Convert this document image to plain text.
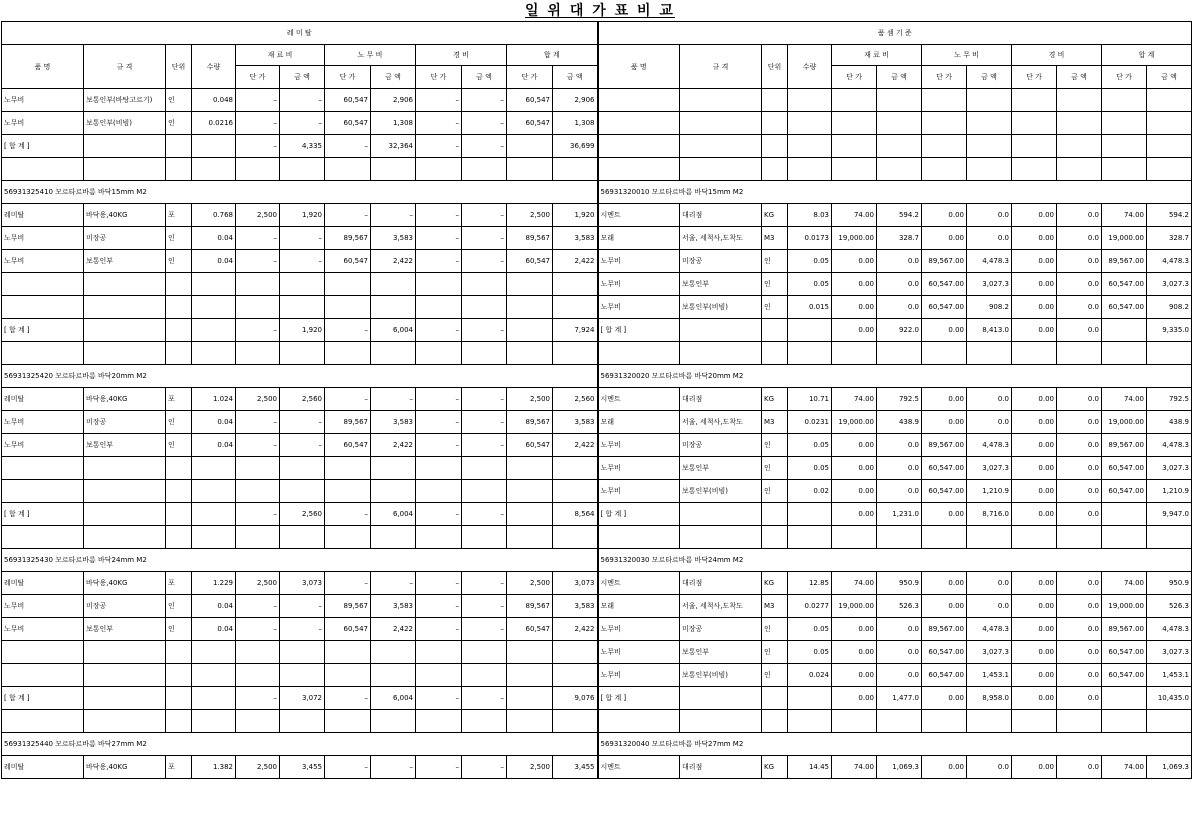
일 위 대 가 표 비 교
레 미 탈												품 셈 기 준											
품 명	규 격	단위	수량	재 료 비		노 무 비		경 비		합 계		품 명	규 격	단위	수량	재 료 비		노 무 비		경 비		합 계	
				단 가	금 액	단 가	금 액	단 가	금 액	단 가	금 액					단 가	금 액	단 가	금 액	단 가	금 액	단 가	금 액
노무비	보통인부(바탕고르기)	인	0.048	–	–	60,547	2,906	–	–	60,547	2,906												
노무비	보통인부(비빔)	인	0.0216	–	–	60,547	1,308	–	–	60,547	1,308												
[ 합 계 ]				–	4,335	–	32,364	–	–		36,699												

56931325410 모르타르바름 바닥15mm M2												56931320010 모르타르바름 바닥15mm M2											
레미탈	바닥용,40KG	포	0.768	2,500	1,920	–	–	–	–	2,500	1,920	시멘트	대리점	KG	8.03	74.00	594.2	0.00	0.0	0.00	0.0	74.00	594.2
노무비	미장공	인	0.04	–	–	89,567	3,583	–	–	89,567	3,583	모래	서울, 세척사,도착도	M3	0.0173	19,000.00	328.7	0.00	0.0	0.00	0.0	19,000.00	328.7
노무비	보통인부	인	0.04	–	–	60,547	2,422	–	–	60,547	2,422	노무비	미장공	인	0.05	0.00	0.0	89,567.00	4,478.3	0.00	0.0	89,567.00	4,478.3
												노무비	보통인부	인	0.05	0.00	0.0	60,547.00	3,027.3	0.00	0.0	60,547.00	3,027.3
												노무비	보통인부(비빔)	인	0.015	0.00	0.0	60,547.00	908.2	0.00	0.0	60,547.00	908.2
[ 합 계 ]				–	1,920	–	6,004	–	–		7,924	[ 합 계 ]				0.00	922.0	0.00	8,413.0	0.00	0.0		9,335.0

56931325420 모르타르바름 바닥20mm M2												56931320020 모르타르바름 바닥20mm M2											
레미탈	바닥용,40KG	포	1.024	2,500	2,560	–	–	–	–	2,500	2,560	시멘트	대리점	KG	10.71	74.00	792.5	0.00	0.0	0.00	0.0	74.00	792.5
노무비	미장공	인	0.04	–	–	89,567	3,583	–	–	89,567	3,583	모래	서울, 세척사,도착도	M3	0.0231	19,000.00	438.9	0.00	0.0	0.00	0.0	19,000.00	438.9
노무비	보통인부	인	0.04	–	–	60,547	2,422	–	–	60,547	2,422	노무비	미장공	인	0.05	0.00	0.0	89,567.00	4,478.3	0.00	0.0	89,567.00	4,478.3
												노무비	보통인부	인	0.05	0.00	0.0	60,547.00	3,027.3	0.00	0.0	60,547.00	3,027.3
												노무비	보통인부(비빔)	인	0.02	0.00	0.0	60,547.00	1,210.9	0.00	0.0	60,547.00	1,210.9
[ 합 계 ]				–	2,560	–	6,004	–	–		8,564	[ 합 계 ]				0.00	1,231.0	0.00	8,716.0	0.00	0.0		9,947.0

56931325430 모르타르바름 바닥24mm M2												56931320030 모르타르바름 바닥24mm M2											
레미탈	바닥용,40KG	포	1.229	2,500	3,073	–	–	–	–	2,500	3,073	시멘트	대리점	KG	12.85	74.00	950.9	0.00	0.0	0.00	0.0	74.00	950.9
노무비	미장공	인	0.04	–	–	89,567	3,583	–	–	89,567	3,583	모래	서울, 세척사,도착도	M3	0.0277	19,000.00	526.3	0.00	0.0	0.00	0.0	19,000.00	526.3
노무비	보통인부	인	0.04	–	–	60,547	2,422	–	–	60,547	2,422	노무비	미장공	인	0.05	0.00	0.0	89,567.00	4,478.3	0.00	0.0	89,567.00	4,478.3
												노무비	보통인부	인	0.05	0.00	0.0	60,547.00	3,027.3	0.00	0.0	60,547.00	3,027.3
												노무비	보통인부(비빔)	인	0.024	0.00	0.0	60,547.00	1,453.1	0.00	0.0	60,547.00	1,453.1
[ 합 계 ]				–	3,072	–	6,004	–	–		9,076	[ 합 계 ]				0.00	1,477.0	0.00	8,958.0	0.00	0.0		10,435.0

56931325440 모르타르바름 바닥27mm M2												56931320040 모르타르바름 바닥27mm M2											
레미탈	바닥용,40KG	포	1.382	2,500	3,455	–	–	–	–	2,500	3,455	시멘트	대리점	KG	14.45	74.00	1,069.3	0.00	0.0	0.00	0.0	74.00	1,069.3
